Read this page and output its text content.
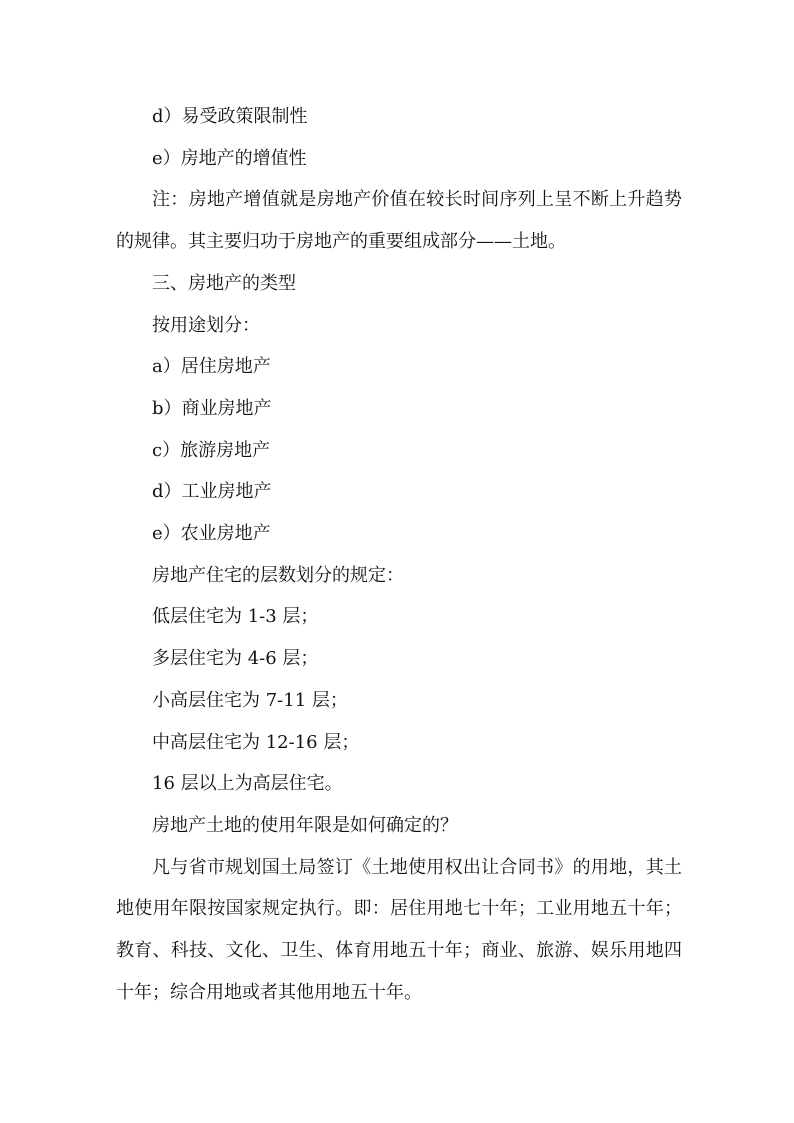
d）易受政策限制性

e）房地产的增值性

注：房地产增值就是房地产价值在较长时间序列上呈不断上升趋势的规律。其主要归功于房地产的重要组成部分——土地。

三、房地产的类型

按用途划分：

a）居住房地产

b）商业房地产

c）旅游房地产

d）工业房地产

e）农业房地产

房地产住宅的层数划分的规定：

低层住宅为 1-3 层；

多层住宅为 4-6 层；

小高层住宅为 7-11 层；

中高层住宅为 12-16 层；

16 层以上为高层住宅。

房地产土地的使用年限是如何确定的？

凡与省市规划国土局签订《土地使用权出让合同书》的用地，其土地使用年限按国家规定执行。即：居住用地七十年；工业用地五十年；教育、科技、文化、卫生、体育用地五十年；商业、旅游、娱乐用地四十年；综合用地或者其他用地五十年。
